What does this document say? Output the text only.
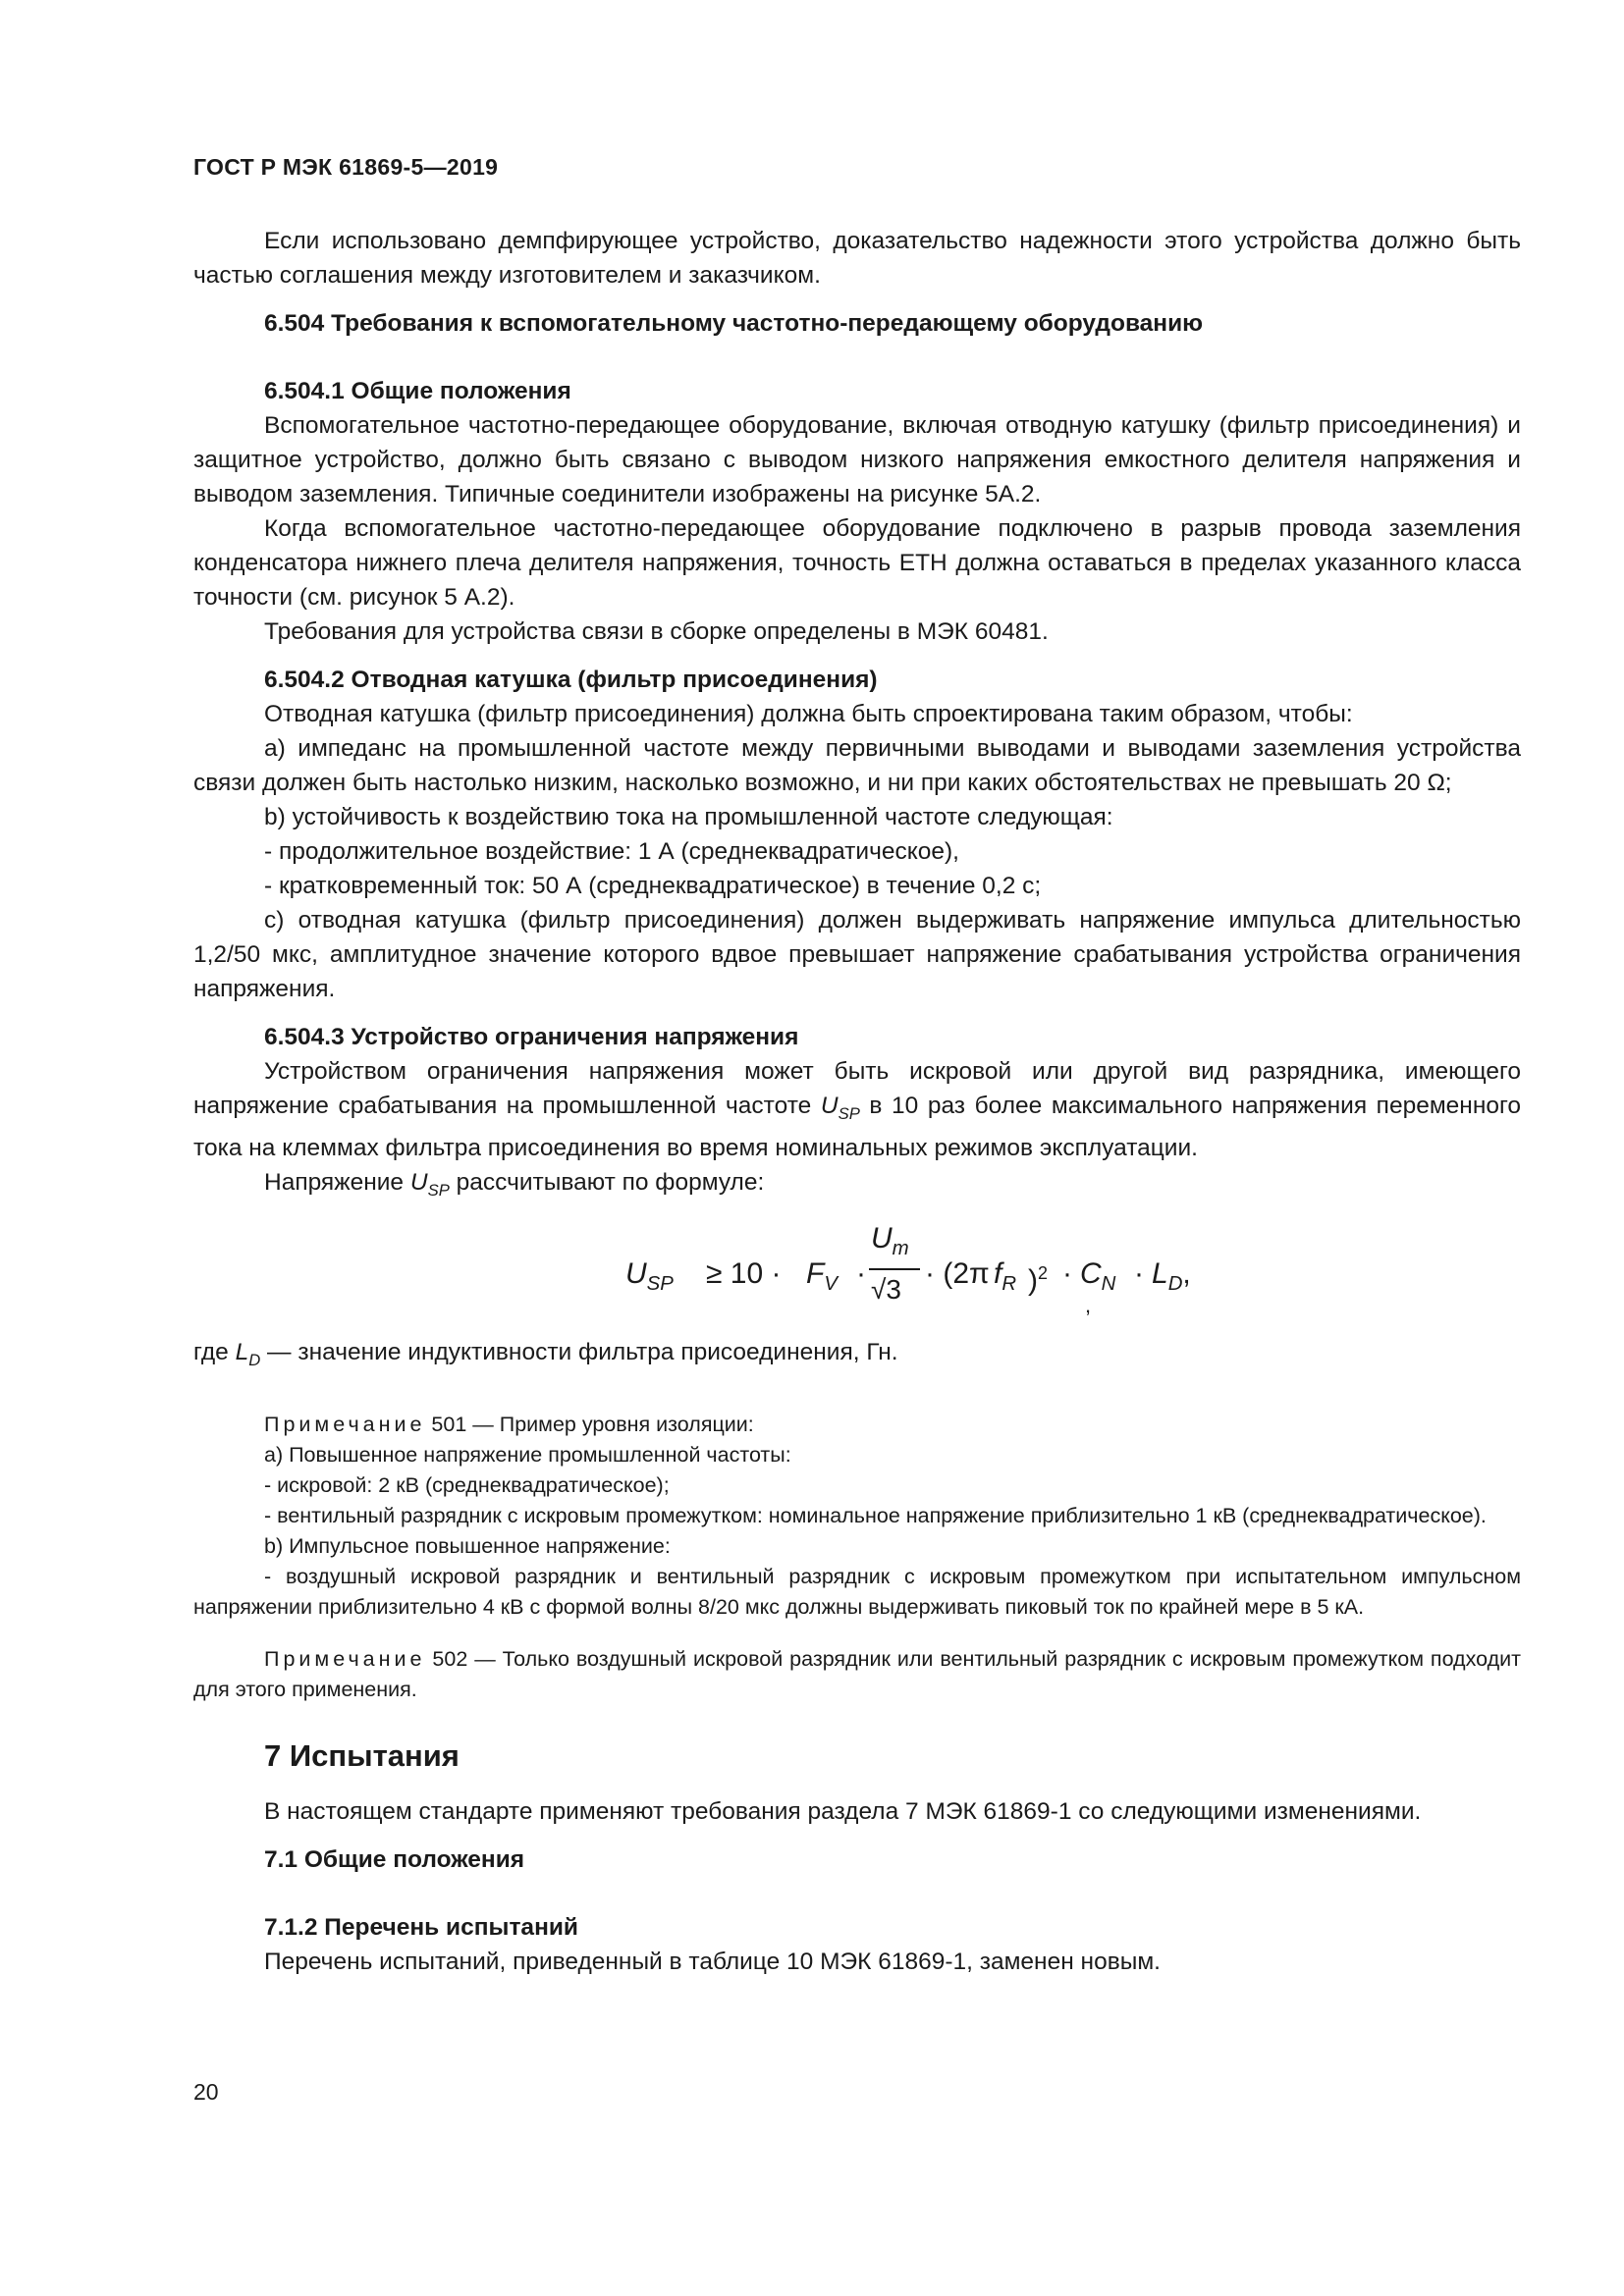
ГОСТ Р МЭК 61869-5—2019

Если использовано демпфирующее устройство, доказательство надежности этого устройства должно быть частью соглашения между изготовителем и заказчиком.

6.504 Требования к вспомогательному частотно-передающему оборудованию
6.504.1 Общие положения

Вспомогательное частотно-передающее оборудование, включая отводную катушку (фильтр присоединения) и защитное устройство, должно быть связано с выводом низкого напряжения емкостного делителя напряжения и выводом заземления. Типичные соединители изображены на рисунке 5А.2.

Когда вспомогательное частотно-передающее оборудование подключено в разрыв провода заземления конденсатора нижнего плеча делителя напряжения, точность ЕТН должна оставаться в пределах указанного класса точности (см. рисунок 5 А.2).

Требования для устройства связи в сборке определены в МЭК 60481.

6.504.2 Отводная катушка (фильтр присоединения)

Отводная катушка (фильтр присоединения) должна быть спроектирована таким образом, чтобы:

a) импеданс на промышленной частоте между первичными выводами и выводами заземления устройства связи должен быть настолько низким, насколько возможно, и ни при каких обстоятельствах не превышать 20 Ω;

b) устойчивость к воздействию тока на промышленной частоте следующая:

- продолжительное воздействие: 1 А (среднеквадратическое),

- кратковременный ток: 50 А (среднеквадратическое) в течение 0,2 с;

c) отводная катушка (фильтр присоединения) должен выдерживать напряжение импульса длительностью 1,2/50 мкс, амплитудное значение которого вдвое превышает напряжение срабатывания устройства ограничения напряжения.

6.504.3 Устройство ограничения напряжения

Устройством ограничения напряжения может быть искровой или другой вид разрядника, имеющего напряжение срабатывания на промышленной частоте $U_{SP}$ в 10 раз более максимального напряжения переменного тока на клеммах фильтра присоединения во время номинальных режимов эксплуатации.

Напряжение $U_{SP}$ рассчитывают по формуле:

$U_{SP} \ge 10 \cdot F_V$ ·
$U_m$
√3 · (2π $f_R$ )$^2 \cdot C_N \cdot L_D$,
,

где $L_D$ — значение индуктивности фильтра присоединения, Гн.

Примечание 501 — Пример уровня изоляции:

a) Повышенное напряжение промышленной частоты:

- искровой: 2 кВ (среднеквадратическое);

- вентильный разрядник с искровым промежутком: номинальное напряжение приблизительно 1 кВ (среднеквадратическое).

b) Импульсное повышенное напряжение:

- воздушный искровой разрядник и вентильный разрядник с искровым промежутком при испытательном импульсном напряжении приблизительно 4 кВ с формой волны 8/20 мкс должны выдерживать пиковый ток по крайней мере в 5 кА.

Примечание 502 — Только воздушный искровой разрядник или вентильный разрядник с искровым промежутком подходит для этого применения.

7 Испытания

В настоящем стандарте применяют требования раздела 7 МЭК 61869-1 со следующими изменениями.

7.1 Общие положения
7.1.2 Перечень испытаний

Перечень испытаний, приведенный в таблице 10 МЭК 61869-1, заменен новым.

20
